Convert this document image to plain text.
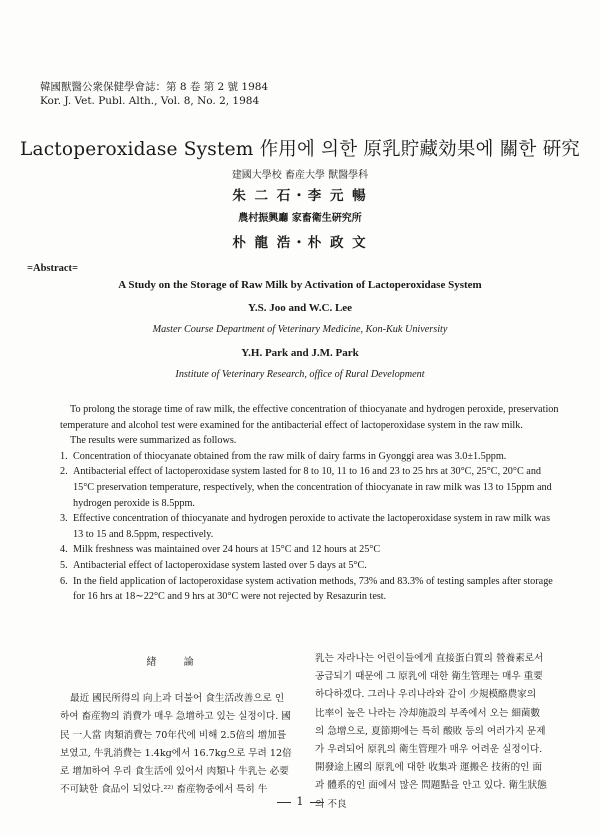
韓國獸醫公衆保健學會誌：第 8 卷 第 2 號 1984
Kor. J. Vet. Publ. Alth., Vol. 8, No. 2, 1984
Lactoperoxidase System 作用에 의한 原乳貯藏効果에 關한 硏究
建國大學校 畜産大學 獸醫學科
朱 二 石・李 元 暢
農村振興廳 家畜衛生硏究所
朴 龍 浩・朴 政 文
=Abstract=
A Study on the Storage of Raw Milk by Activation of Lactoperoxidase System
Y.S. Joo and W.C. Lee
Master Course Department of Veterinary Medicine, Kon-Kuk University
Y.H. Park and J.M. Park
Institute of Veterinary Research, office of Rural Development

To prolong the storage time of raw milk, the effective concentration of thiocyanate and hydrogen peroxide, preservation temperature and alcohol test were examined for the antibacterial effect of lactoperoxidase system in the raw milk.

The results were summarized as follows.

1. Concentration of thiocyanate obtained from the raw milk of dairy farms in Gyonggi area was 3.0±1.5ppm.
2. Antibacterial effect of lactoperoxidase system lasted for 8 to 10, 11 to 16 and 23 to 25 hrs at 30°C, 25°C, 20°C and 15°C preservation temperature, respectively, when the concentration of thiocyanate in raw milk was 13 to 15ppm and hydrogen peroxide is 8.5ppm.
3. Effective concentration of thiocyanate and hydrogen peroxide to activate the lactoperoxidase system in raw milk was 13 to 15 and 8.5ppm, respectively.
4. Milk freshness was maintained over 24 hours at 15°C and 12 hours at 25°C
5. Antibacterial effect of lactoperoxidase system lasted over 5 days at 5°C.
6. In the field application of lactoperoxidase system activation methods, 73% and 83.3% of testing samples after storage for 16 hrs at 18∼22°C and 9 hrs at 30°C were not rejected by Resazurin test.

緖 論

最近 國民所得의 向上과 더불어 食生活改善으로 인하여 畜産物의 消費가 매우 急增하고 있는 실정이다. 國民 一人當 肉類消費는 70年代에 비해 2.5倍의 增加를 보였고, 牛乳消費는 1.4kg에서 16.7kg으로 무려 12倍로 增加하여 우리 食生活에 있어서 肉類나 牛乳는 必要不可缺한 食品이 되었다.²²⁾ 畜産物중에서 특히 牛

乳는 자라나는 어린이들에게 直接蛋白質의 營養素로서 공급되기 때문에 그 原乳에 대한 衛生管理는 매우 重要하다하겠다. 그러나 우리나라와 같이 少規模酪農家의 比率이 높은 나라는 冷却施設의 부족에서 오는 細菌數의 急增으로, 夏節期에는 특히 酸敗 등의 여러가지 문제가 우려되어 原乳의 衛生管理가 매우 어려운 실정이다. 開發途上國의 原乳에 대한 收集과 運搬은 技術的인 面과 體系的인 面에서 많은 問題點을 안고 있다. 衛生狀態의 不良

1
